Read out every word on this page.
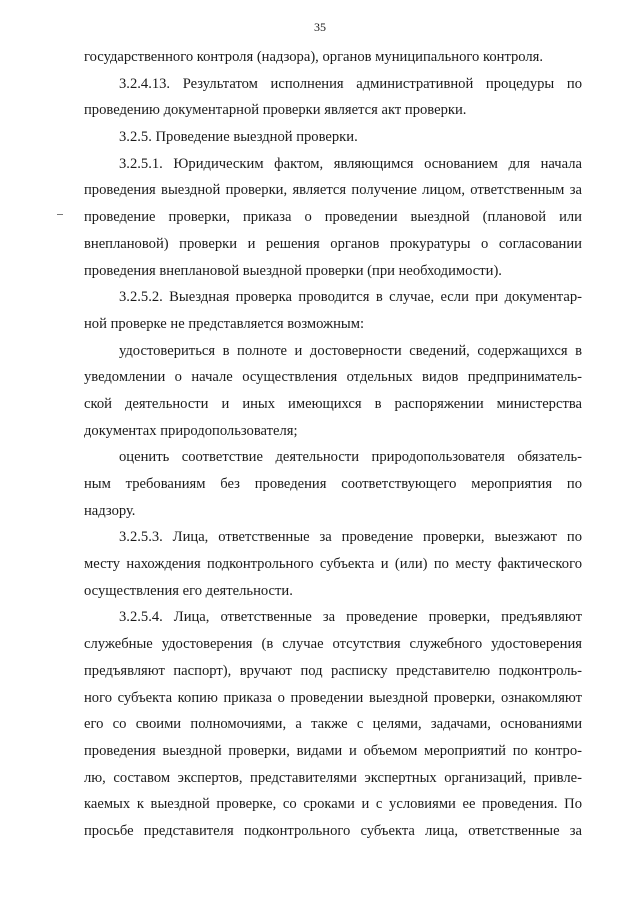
35
государственного контроля (надзора), органов муниципального контроля.
3.2.4.13. Результатом исполнения административной процедуры по
проведению документарной проверки является акт проверки.
3.2.5. Проведение выездной проверки.
3.2.5.1. Юридическим фактом, являющимся основанием для начала
проведения выездной проверки, является получение лицом, ответственным за
проведение проверки, приказа о проведении выездной (плановой или
внеплановой) проверки и решения органов прокуратуры о согласовании
проведения внеплановой выездной проверки (при необходимости).
3.2.5.2. Выездная проверка проводится в случае, если при документар-
ной проверке не представляется возможным:
удостовериться в полноте и достоверности сведений, содержащихся в
уведомлении о начале осуществления отдельных видов предприниматель-
ской деятельности и иных имеющихся в распоряжении министерства
документах природопользователя;
оценить соответствие деятельности природопользователя обязатель-
ным требованиям без проведения соответствующего мероприятия по
надзору.
3.2.5.3. Лица, ответственные за проведение проверки, выезжают по
месту нахождения подконтрольного субъекта и (или) по месту фактического
осуществления его деятельности.
3.2.5.4. Лица, ответственные за проведение проверки, предъявляют
служебные удостоверения (в случае отсутствия служебного удостоверения
предъявляют паспорт), вручают под расписку представителю подконтроль-
ного субъекта копию приказа о проведении выездной проверки, ознакомляют
его со своими полномочиями, а также с целями, задачами, основаниями
проведения выездной проверки, видами и объемом мероприятий по контро-
лю, составом экспертов, представителями экспертных организаций, привле-
каемых к выездной проверке, со сроками и с условиями ее проведения. По
просьбе представителя подконтрольного субъекта лица, ответственные за
